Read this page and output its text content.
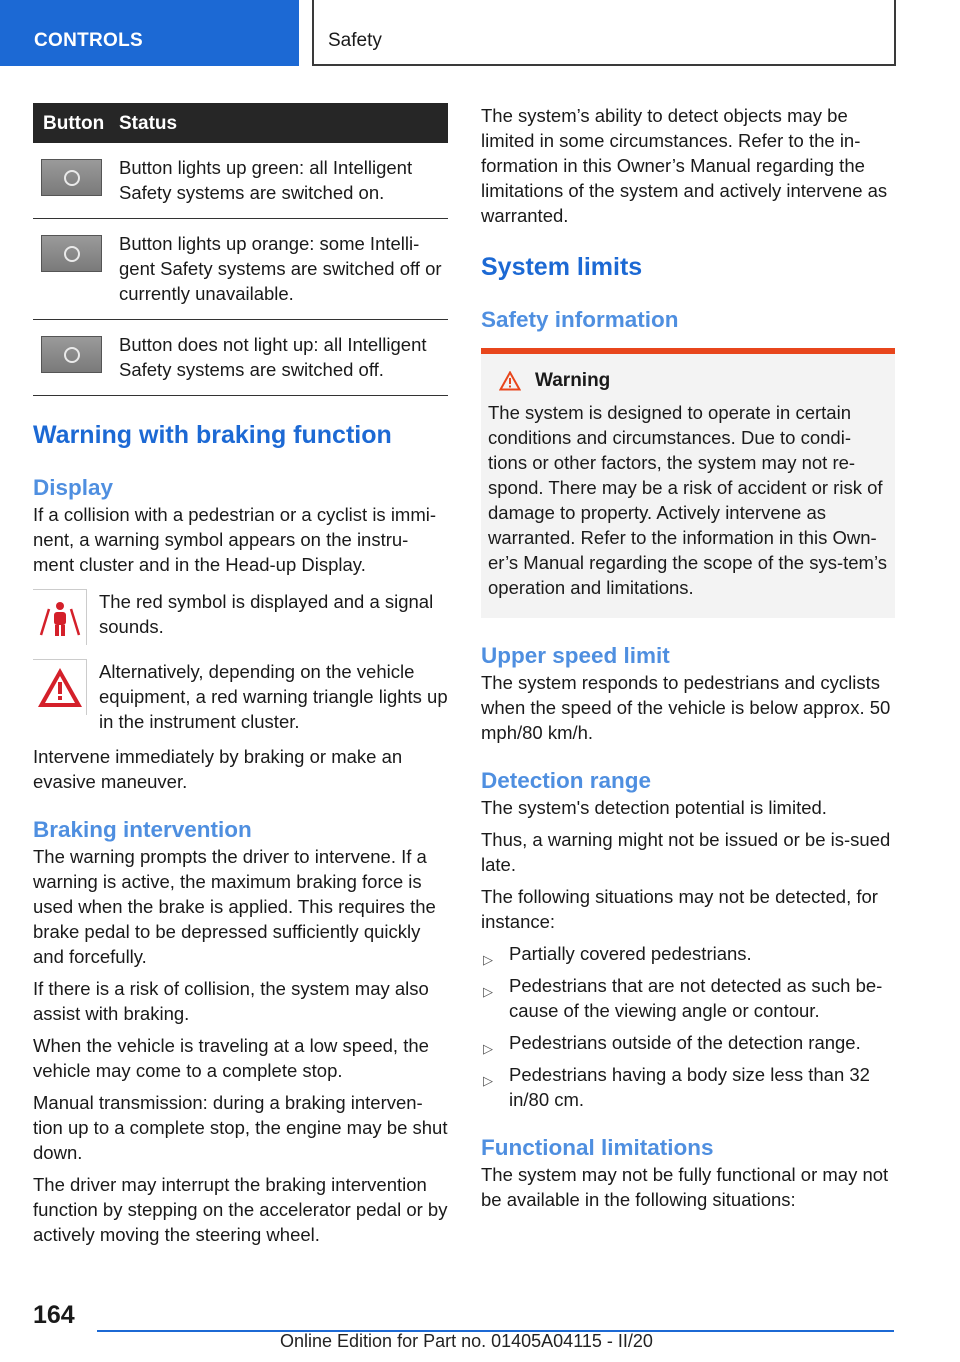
CONTROLS	Safety
Button	Status

	Button lights up green: all Intelligent Safety systems are switched on.

	Button lights up orange: some Intelli-gent Safety systems are switched off or currently unavailable.

	Button does not light up: all Intelligent Safety systems are switched off.
Warning with braking function
Display

If a collision with a pedestrian or a cyclist is immi-nent, a warning symbol appears on the instru-ment cluster and in the Head-up Display.

The red symbol is displayed and a signal sounds.
Alternatively, depending on the vehicle equipment, a red warning triangle lights up in the instrument cluster.

Intervene immediately by braking or make an evasive maneuver.

Braking intervention

The warning prompts the driver to intervene. If a warning is active, the maximum braking force is used when the brake is applied. This requires the brake pedal to be depressed sufficiently quickly and forcefully.

If there is a risk of collision, the system may also assist with braking.

When the vehicle is traveling at a low speed, the vehicle may come to a complete stop.

Manual transmission: during a braking interven-tion up to a complete stop, the engine may be shut down.

The driver may interrupt the braking intervention function by stepping on the accelerator pedal or by actively moving the steering wheel.

The system’s ability to detect objects may be limited in some circumstances. Refer to the in-formation in this Owner’s Manual regarding the limitations of the system and actively intervene as warranted.

System limits
Safety information
Warning

The system is designed to operate in certain conditions and circumstances. Due to condi-tions or other factors, the system may not re-spond. There may be a risk of accident or risk of damage to property. Actively intervene as warranted. Refer to the information in this Own-er’s Manual regarding the scope of the sys-tem’s operation and limitations.

Upper speed limit

The system responds to pedestrians and cyclists when the speed of the vehicle is below approx. 50 mph/80 km/h.

Detection range

The system's detection potential is limited.

Thus, a warning might not be issued or be is-sued late.

The following situations may not be detected, for instance:

▷ Partially covered pedestrians.
▷ Pedestrians that are not detected as such be-cause of the viewing angle or contour.
▷ Pedestrians outside of the detection range.
▷ Pedestrians having a body size less than 32 in/80 cm.
Functional limitations

The system may not be fully functional or may not be available in the following situations:

164
Online Edition for Part no. 01405A04115 - II/20
